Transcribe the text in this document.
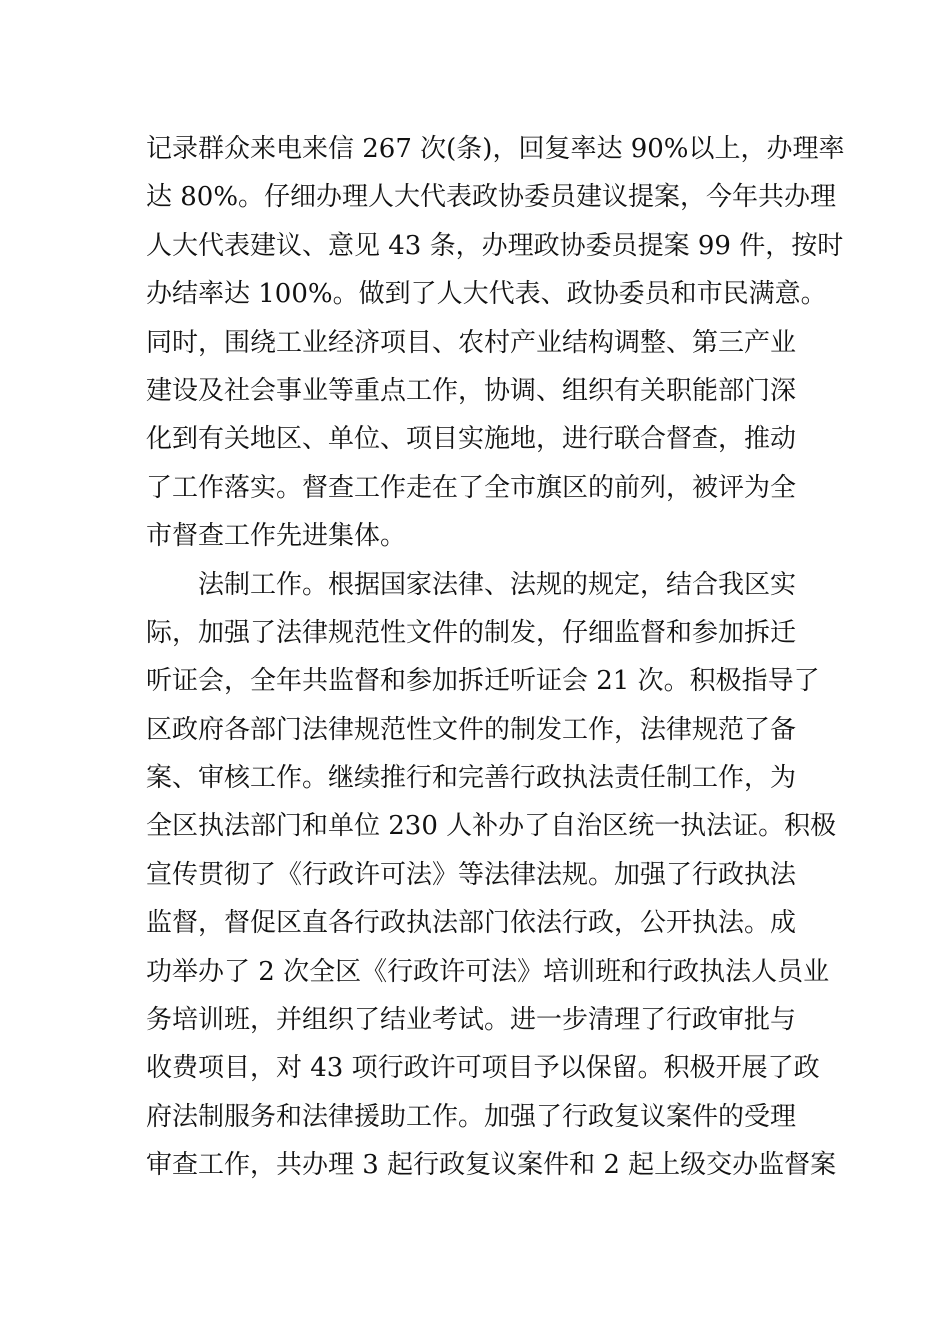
记录群众来电来信 267 次(条)，回复率达 90%以上，办理率
达 80%。仔细办理人大代表政协委员建议提案，今年共办理
人大代表建议、意见 43 条，办理政协委员提案 99 件，按时
办结率达 100%。做到了人大代表、政协委员和市民满意。
同时，围绕工业经济项目、农村产业结构调整、第三产业
建设及社会事业等重点工作，协调、组织有关职能部门深
化到有关地区、单位、项目实施地，进行联合督查，推动
了工作落实。督查工作走在了全市旗区的前列，被评为全
市督查工作先进集体。
　　法制工作。根据国家法律、法规的规定，结合我区实
际，加强了法律规范性文件的制发，仔细监督和参加拆迁
听证会，全年共监督和参加拆迁听证会 21 次。积极指导了
区政府各部门法律规范性文件的制发工作，法律规范了备
案、审核工作。继续推行和完善行政执法责任制工作，为
全区执法部门和单位 230 人补办了自治区统一执法证。积极
宣传贯彻了《行政许可法》等法律法规。加强了行政执法
监督，督促区直各行政执法部门依法行政，公开执法。成
功举办了 2 次全区《行政许可法》培训班和行政执法人员业
务培训班，并组织了结业考试。进一步清理了行政审批与
收费项目，对 43 项行政许可项目予以保留。积极开展了政
府法制服务和法律援助工作。加强了行政复议案件的受理
审查工作，共办理 3 起行政复议案件和 2 起上级交办监督案
